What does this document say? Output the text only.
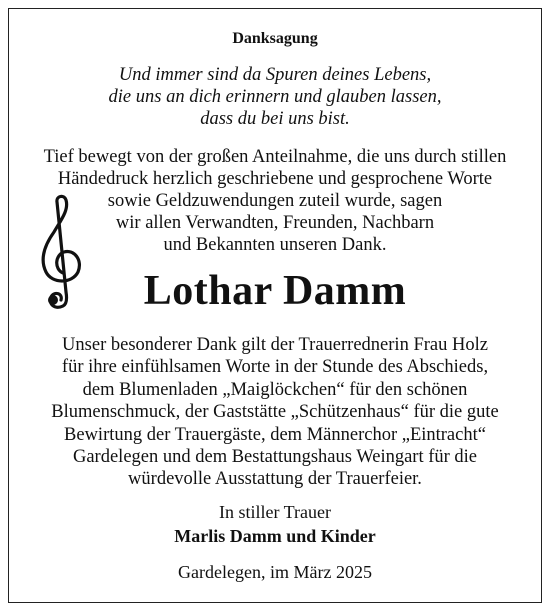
Danksagung
Und immer sind da Spuren deines Lebens,
die uns an dich erinnern und glauben lassen,
dass du bei uns bist.
Tief bewegt von der großen Anteilnahme, die uns durch stillen
Händedruck herzlich geschriebene und gesprochene Worte
sowie Geldzuwendungen zuteil wurde, sagen
wir allen Verwandten, Freunden, Nachbarn
und Bekannten unseren Dank.
Lothar Damm
Unser besonderer Dank gilt der Trauerrednerin Frau Holz
für ihre einfühlsamen Worte in der Stunde des Abschieds,
dem Blumenladen „Maiglöckchen“ für den schönen
Blumenschmuck, der Gaststätte „Schützenhaus“ für die gute
Bewirtung der Trauergäste, dem Männerchor „Eintracht“
Gardelegen und dem Bestattungshaus Weingart für die
würdevolle Ausstattung der Trauerfeier.
In stiller Trauer
Marlis Damm und Kinder
Gardelegen, im März 2025
